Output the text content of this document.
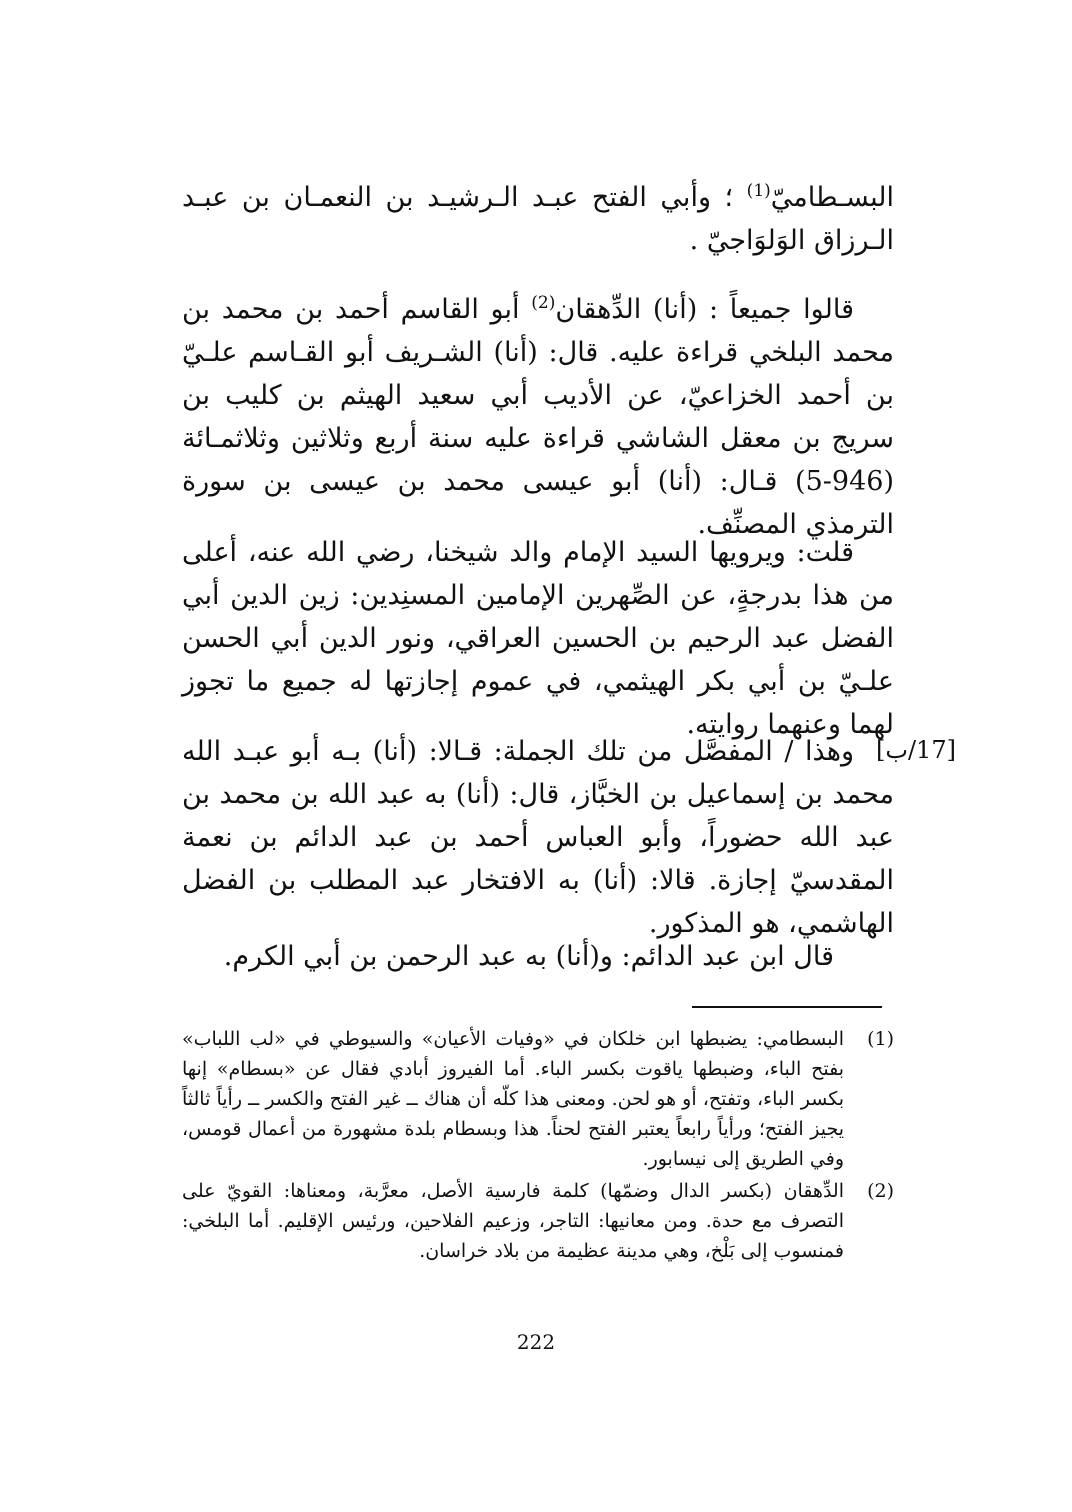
البسـطاميّ$^{(1)}$ ؛ وأبي الفتح عبـد الـرشيـد بن النعمـان بن عبـد الـرزاق الوَلوَاجيّ .

قالوا جميعاً : (أنا) الدِّهقان$^{(2)}$ أبو القاسم أحمد بن محمد بن محمد البلخي قراءة عليه. قال: (أنا) الشـريف أبو القـاسم علـيّ بن أحمد الخزاعيّ، عن الأديب أبي سعيد الهيثم بن كليب بن سريج بن معقل الشاشي قراءة عليه سنة أربع وثلاثين وثلاثمـائة (946-5) قـال: (أنا) أبو عيسى محمد بن عيسى بن سورة الترمذي المصنِّف.

قلت: ويرويها السيد الإمام والد شيخنا، رضي الله عنه، أعلى من هذا بدرجةٍ، عن الصِّهرين الإمامين المسنِدين: زين الدين أبي الفضل عبد الرحيم بن الحسين العراقي، ونور الدين أبي الحسن علـيّ بن أبي بكر الهيثمي، في عموم إجازتها له جميع ما تجوز لهما وعنهما روايته.

[17/ب]

وهذا / المفصَّل من تلك الجملة: قـالا: (أنا) بـه أبو عبـد الله محمد بن إسماعيل بن الخبَّاز، قال: (أنا) به عبد الله بن محمد بن عبد الله حضوراً، وأبو العباس أحمد بن عبد الدائم بن نعمة المقدسيّ إجازة. قالا: (أنا) به الافتخار عبد المطلب بن الفضل الهاشمي، هو المذكور.

قال ابن عبد الدائم: و(أنا) به عبد الرحمن بن أبي الكرم.

(1)
البسطامي: يضبطها ابن خلكان في «وفيات الأعيان» والسيوطي في «لب اللباب» بفتح الباء، وضبطها ياقوت بكسر الباء. أما الفيروز أبادي فقال عن «بسطام» إنها بكسر الباء، وتفتح، أو هو لحن. ومعنى هذا كلّه أن هناك ــ غير الفتح والكسر ــ رأياً ثالثاً يجيز الفتح؛ ورأياً رابعاً يعتبر الفتح لحناً. هذا وبسطام بلدة مشهورة من أعمال قومس، وفي الطريق إلى نيسابور.
(2)
الدِّهقان (بكسر الدال وضمّها) كلمة فارسية الأصل، معرَّبة، ومعناها: القويّ على التصرف مع حدة. ومن معانيها: التاجر، وزعيم الفلاحين، ورئيس الإقليم. أما البلخي: فمنسوب إلى بَلْخ، وهي مدينة عظيمة من بلاد خراسان.
222
